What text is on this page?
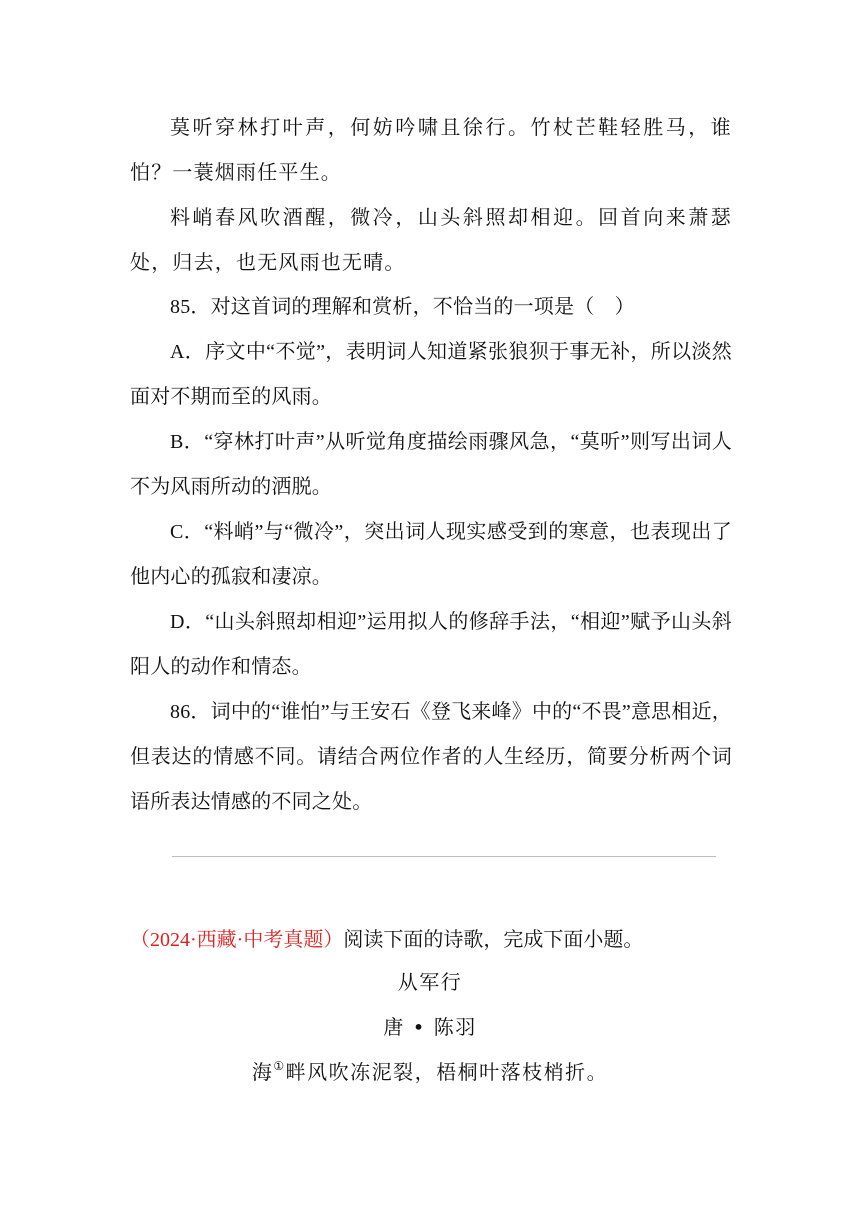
莫听穿林打叶声，何妨吟啸且徐行。竹杖芒鞋轻胜马，谁怕？一蓑烟雨任平生。
料峭春风吹酒醒，微冷，山头斜照却相迎。回首向来萧瑟处，归去，也无风雨也无晴。
85．对这首词的理解和赏析，不恰当的一项是（　）
A．序文中“不觉”，表明词人知道紧张狼狈于事无补，所以淡然面对不期而至的风雨。
B．“穿林打叶声”从听觉角度描绘雨骤风急，“莫听”则写出词人不为风雨所动的洒脱。
C．“料峭”与“微冷”，突出词人现实感受到的寒意，也表现出了他内心的孤寂和凄凉。
D．“山头斜照却相迎”运用拟人的修辞手法，“相迎”赋予山头斜阳人的动作和情态。
86．词中的“谁怕”与王安石《登飞来峰》中的“不畏”意思相近，但表达的情感不同。请结合两位作者的人生经历，简要分析两个词语所表达情感的不同之处。
（2024·西藏·中考真题）阅读下面的诗歌，完成下面小题。
从军行
唐 • 陈羽
海①畔风吹冻泥裂，梧桐叶落枝梢折。
